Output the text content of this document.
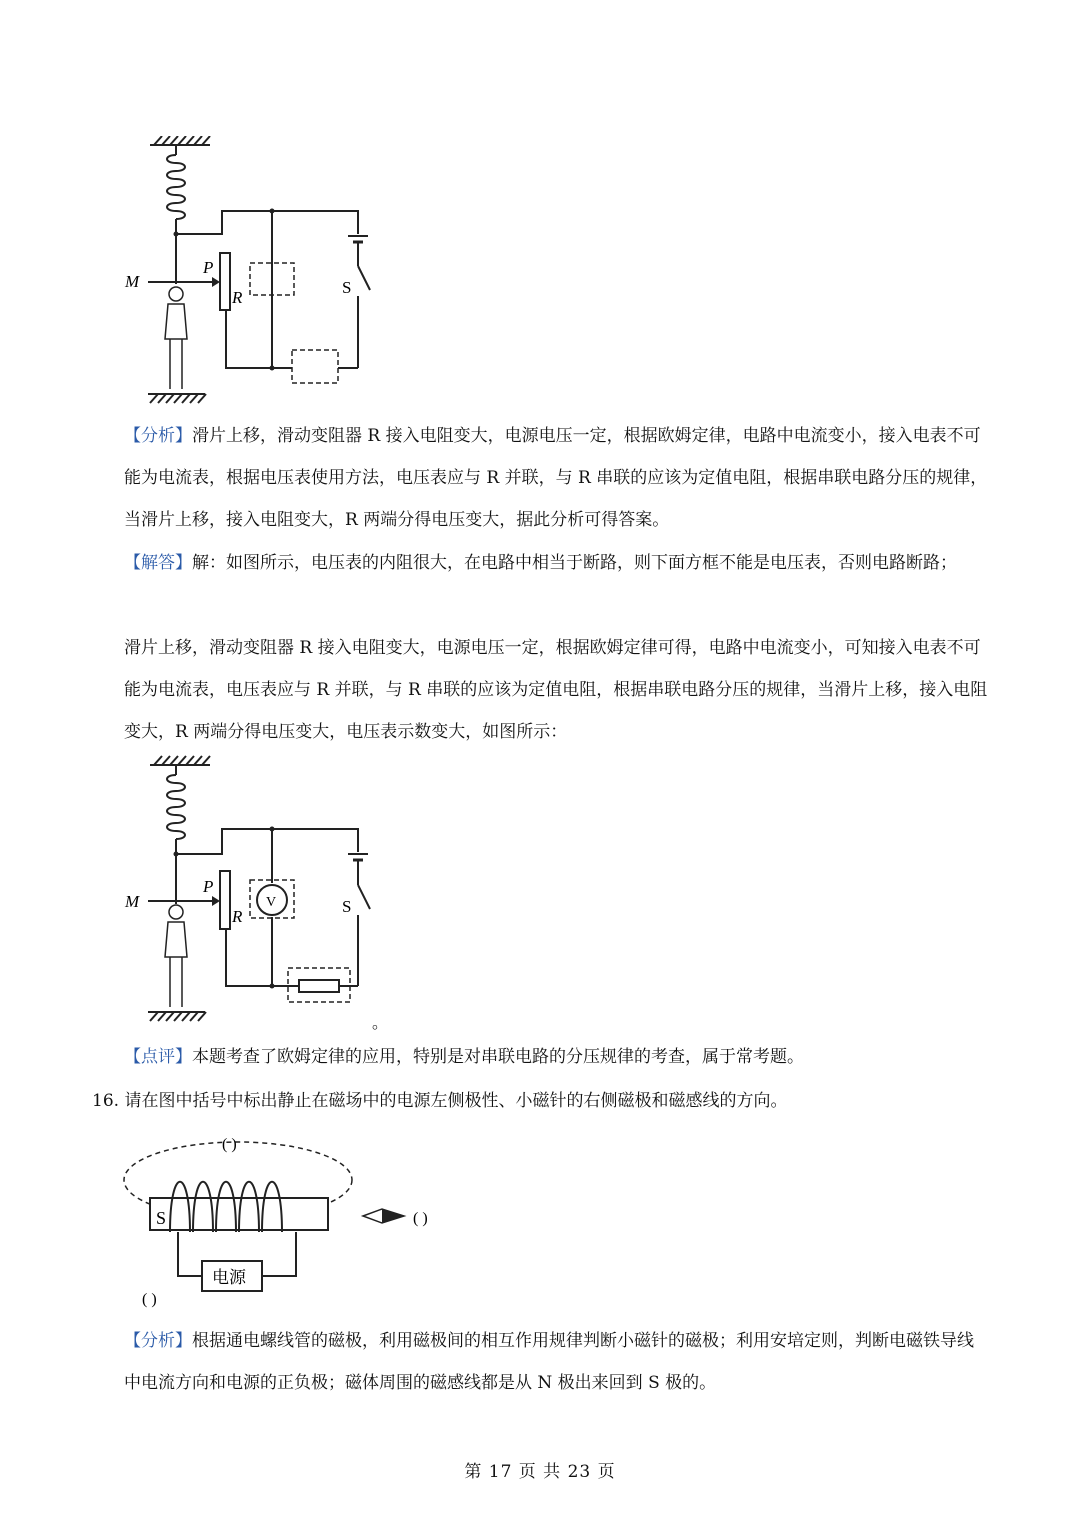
M
P
R
S
【分析】滑片上移，滑动变阻器 R 接入电阻变大，电源电压一定，根据欧姆定律，电路中电流变小，接入电表不可能为电流表，根据电压表使用方法，电压表应与 R 并联，与 R 串联的应该为定值电阻，根据串联电路分压的规律，当滑片上移，接入电阻变大，R 两端分得电压变大，据此分析可得答案。
【解答】解：如图所示，电压表的内阻很大，在电路中相当于断路，则下面方框不能是电压表，否则电路断路；
滑片上移，滑动变阻器 R 接入电阻变大，电源电压一定，根据欧姆定律可得，电路中电流变小，可知接入电表不可能为电流表，电压表应与 R 并联，与 R 串联的应该为定值电阻，根据串联电路分压的规律，当滑片上移，接入电阻变大，R 两端分得电压变大，电压表示数变大，如图所示：
M
P
R
S
V
。
【点评】本题考查了欧姆定律的应用，特别是对串联电路的分压规律的考查，属于常考题。
16. 请在图中括号中标出静止在磁场中的电源左侧极性、小磁针的右侧磁极和磁感线的方向。
S
电源
( )
( )
( )
【分析】根据通电螺线管的磁极，利用磁极间的相互作用规律判断小磁针的磁极；利用安培定则，判断电磁铁导线中电流方向和电源的正负极；磁体周围的磁感线都是从 N 极出来回到 S 极的。
第 17 页 共 23 页
